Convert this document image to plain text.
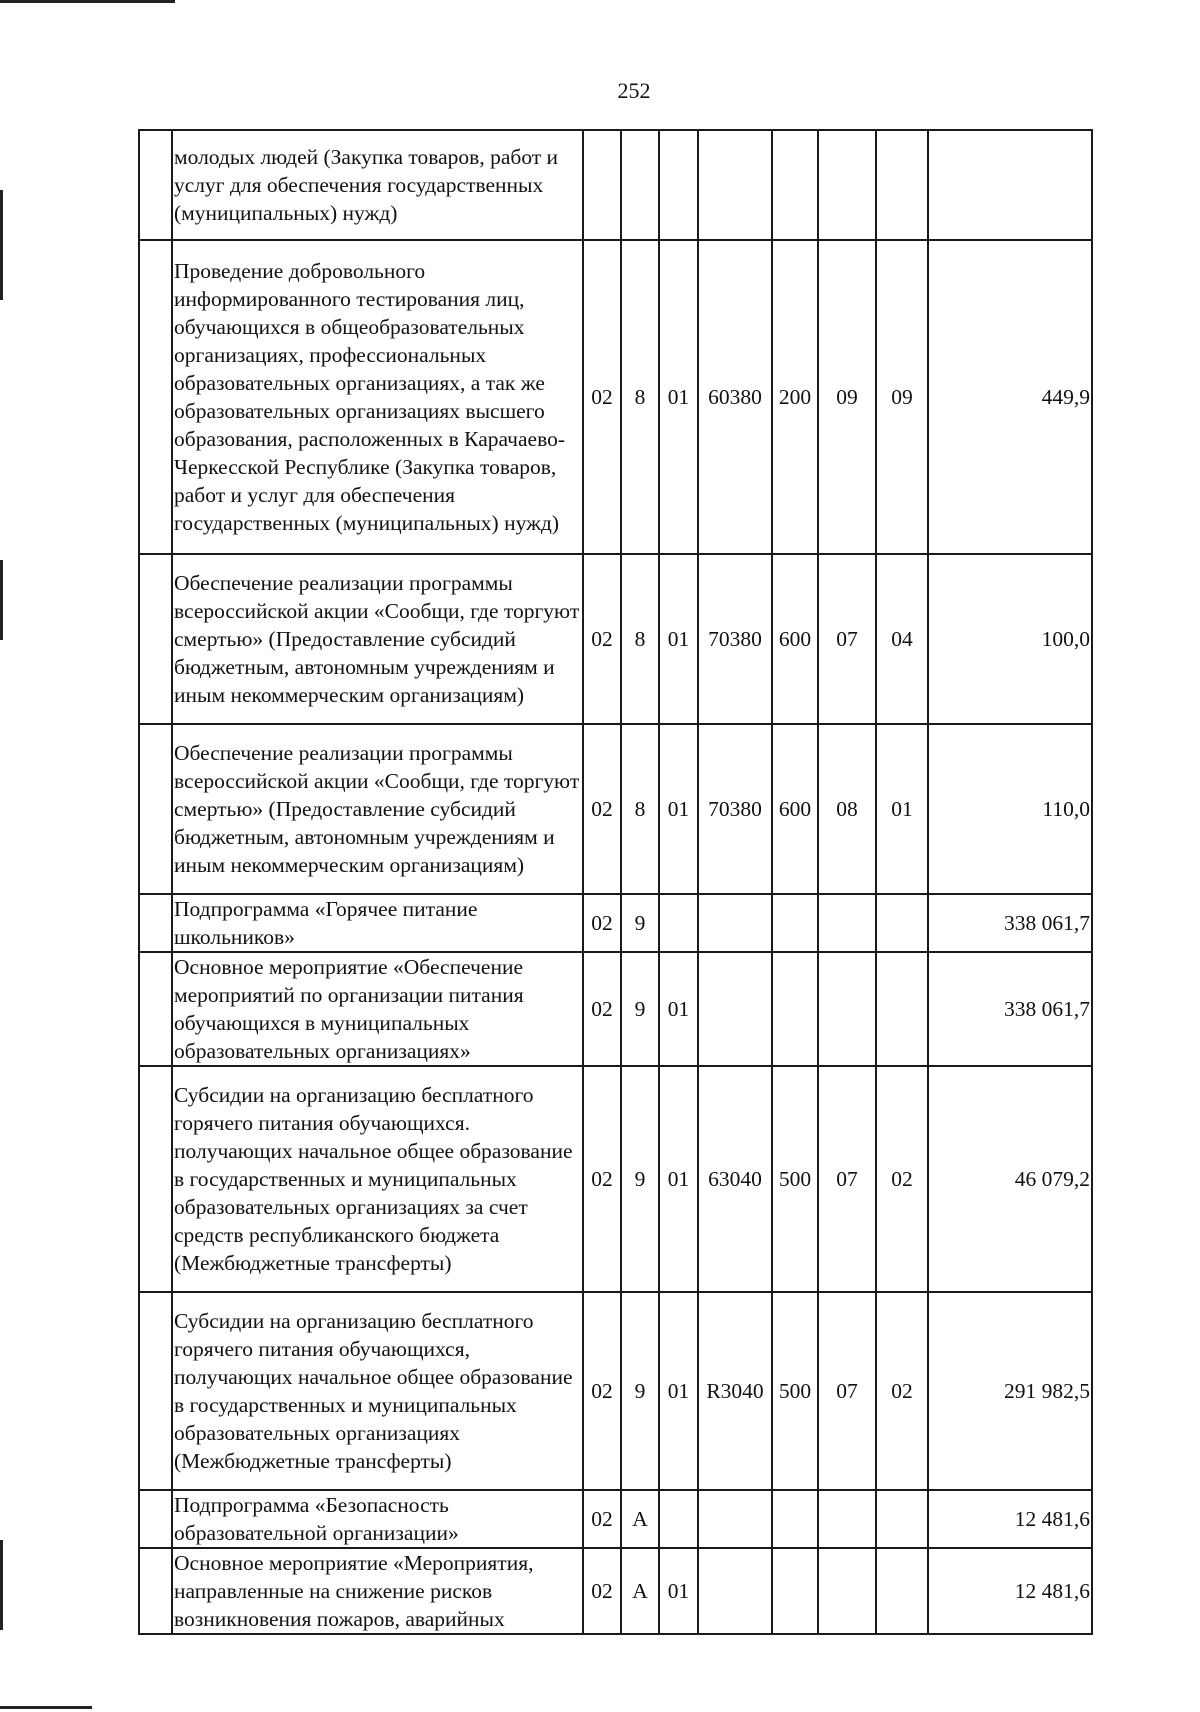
252
	молодых людей (Закупка товаров, работ и услуг для обеспечения государственных (муниципальных) нужд)								
	Проведение добровольного информированного тестирования лиц, обучающихся в общеобразовательных организациях, профессиональных образовательных организациях, а так же образовательных организациях высшего образования, расположенных в Карачаево-Черкесской Республике (Закупка товаров, работ и услуг для обеспечения государственных (муниципальных) нужд)	02	8	01	60380	200	09	09	449,9
	Обеспечение реализации программы всероссийской акции «Сообщи, где торгуют смертью» (Предоставление субсидий бюджетным, автономным учреждениям и иным некоммерческим организациям)	02	8	01	70380	600	07	04	100,0
	Обеспечение реализации программы всероссийской акции «Сообщи, где торгуют смертью» (Предоставление субсидий бюджетным, автономным учреждениям и иным некоммерческим организациям)	02	8	01	70380	600	08	01	110,0
	Подпрограмма «Горячее питание школьников»	02	9						338 061,7
	Основное мероприятие «Обеспечение мероприятий по организации питания обучающихся в муниципальных образовательных организациях»	02	9	01					338 061,7
	Субсидии на организацию бесплатного горячего питания обучающихся. получающих начальное общее образование в государственных и муниципальных образовательных организациях за счет средств республиканского бюджета (Межбюджетные трансферты)	02	9	01	63040	500	07	02	46 079,2
	Субсидии на организацию бесплатного горячего питания обучающихся, получающих начальное общее образование в государственных и муниципальных образовательных организациях (Межбюджетные трансферты)	02	9	01	R3040	500	07	02	291 982,5
	Подпрограмма «Безопасность образовательной организации»	02	А						12 481,6
	Основное мероприятие «Мероприятия, направленные на снижение рисков возникновения пожаров, аварийных	02	А	01					12 481,6
